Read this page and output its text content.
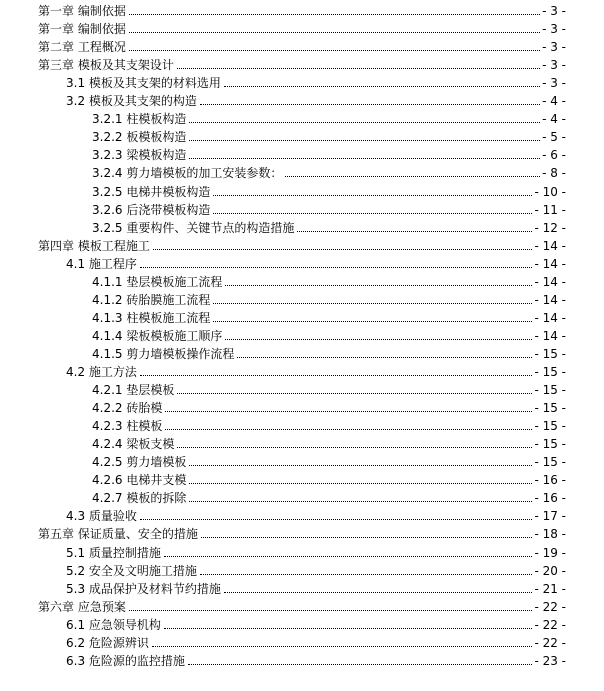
第一章 编制依据	- 3 -
第一章 编制依据	- 3 -
第二章 工程概况	- 3 -
第三章 模板及其支架设计	- 3 -
3.1 模板及其支架的材料选用	- 3 -
3.2 模板及其支架的构造	- 4 -
3.2.1 柱模板构造	- 4 -
3.2.2 板模板构造	- 5 -
3.2.3 梁模板构造	- 6 -
3.2.4 剪力墙模板的加工安装参数：	- 8 -
3.2.5 电梯井模板构造	- 10 -
3.2.6 后浇带模板构造	- 11 -
3.2.5 重要构件、关键节点的构造措施	- 12 -
第四章 模板工程施工	- 14 -
4.1 施工程序	- 14 -
4.1.1 垫层模板施工流程	- 14 -
4.1.2 砖胎膜施工流程	- 14 -
4.1.3 柱模板施工流程	- 14 -
4.1.4 梁板模板施工顺序	- 14 -
4.1.5 剪力墙模板操作流程	- 15 -
4.2 施工方法	- 15 -
4.2.1 垫层模板	- 15 -
4.2.2 砖胎模	- 15 -
4.2.3 柱模板	- 15 -
4.2.4 梁板支模	- 15 -
4.2.5 剪力墙模板	- 15 -
4.2.6 电梯井支模	- 16 -
4.2.7 模板的拆除	- 16 -
4.3 质量验收	- 17 -
第五章 保证质量、安全的措施	- 18 -
5.1 质量控制措施	- 19 -
5.2 安全及文明施工措施	- 20 -
5.3 成品保护及材料节约措施	- 21 -
第六章 应急预案	- 22 -
6.1 应急领导机构	- 22 -
6.2 危险源辨识	- 22 -
6.3 危险源的监控措施	- 23 -
